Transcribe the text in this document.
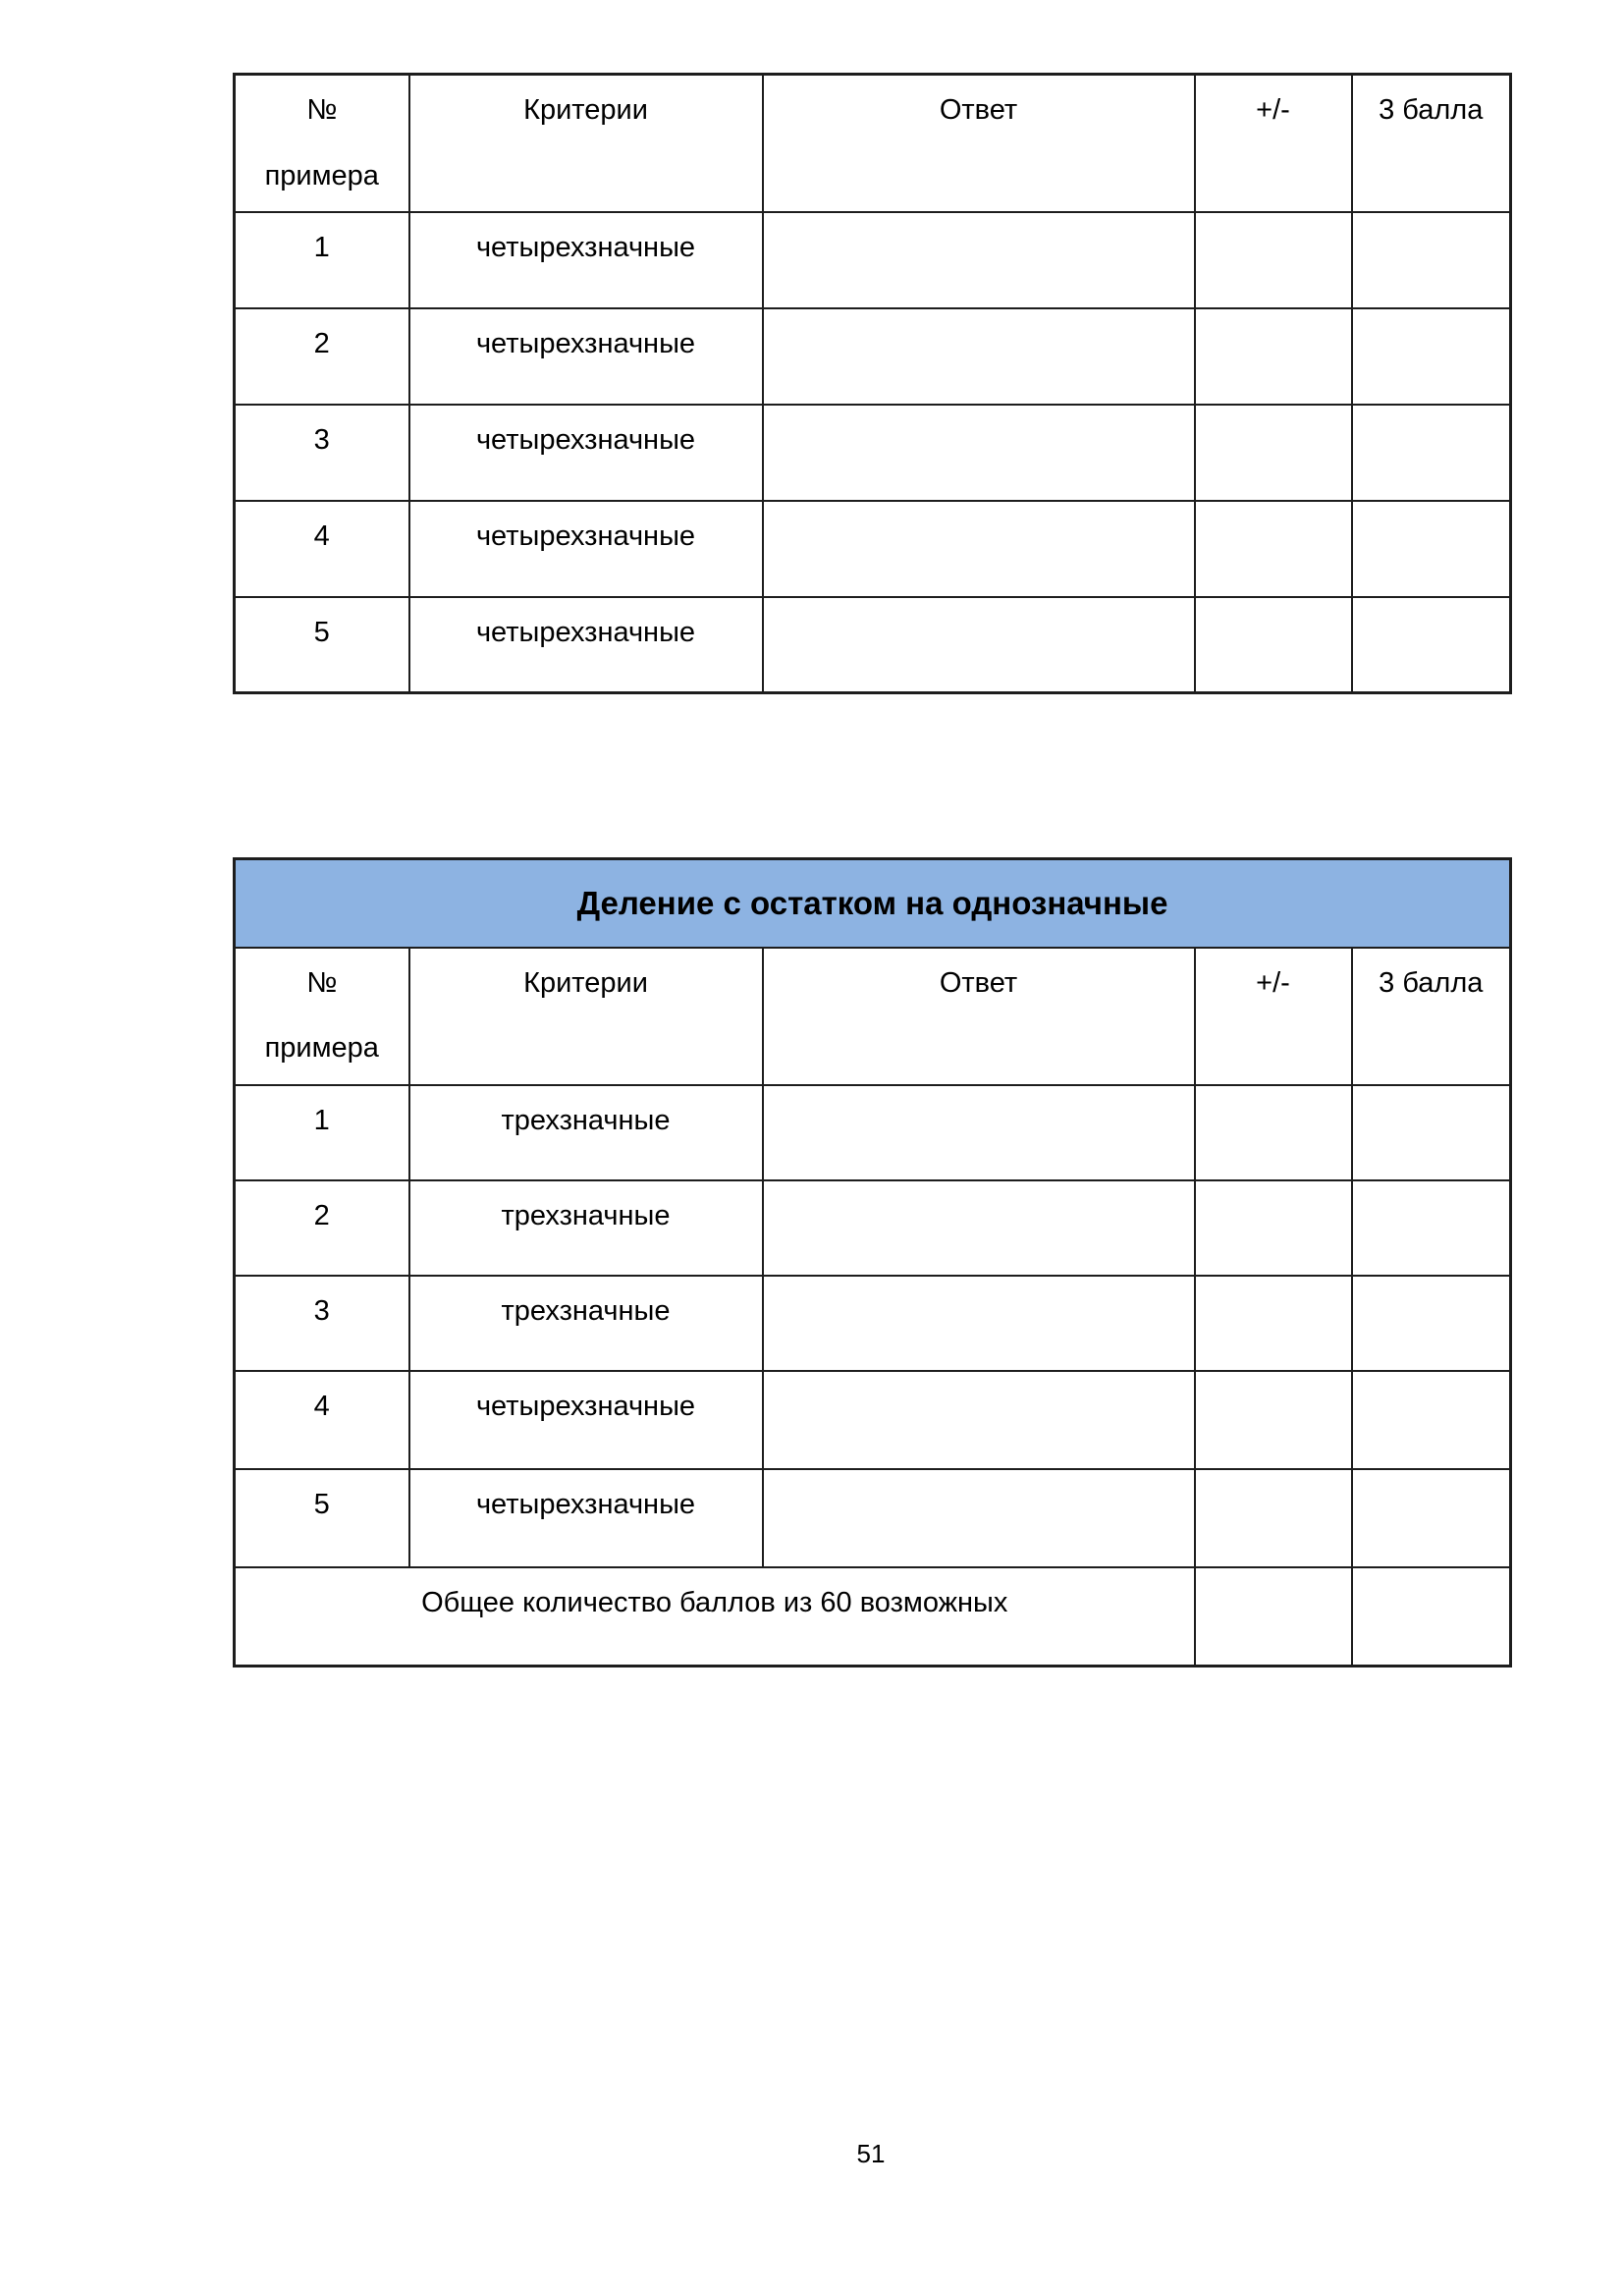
№ примера	Критерии	Ответ	+/-	3 балла
1	четырехзначные			
2	четырехзначные			
3	четырехзначные			
4	четырехзначные			
5	четырехзначные			
Деление с остатком на однозначные				
№ примера	Критерии	Ответ	+/-	3 балла
1	трехзначные			
2	трехзначные			
3	трехзначные			
4	четырехзначные			
5	четырехзначные			
Общее количество баллов из 60 возможных				
51
